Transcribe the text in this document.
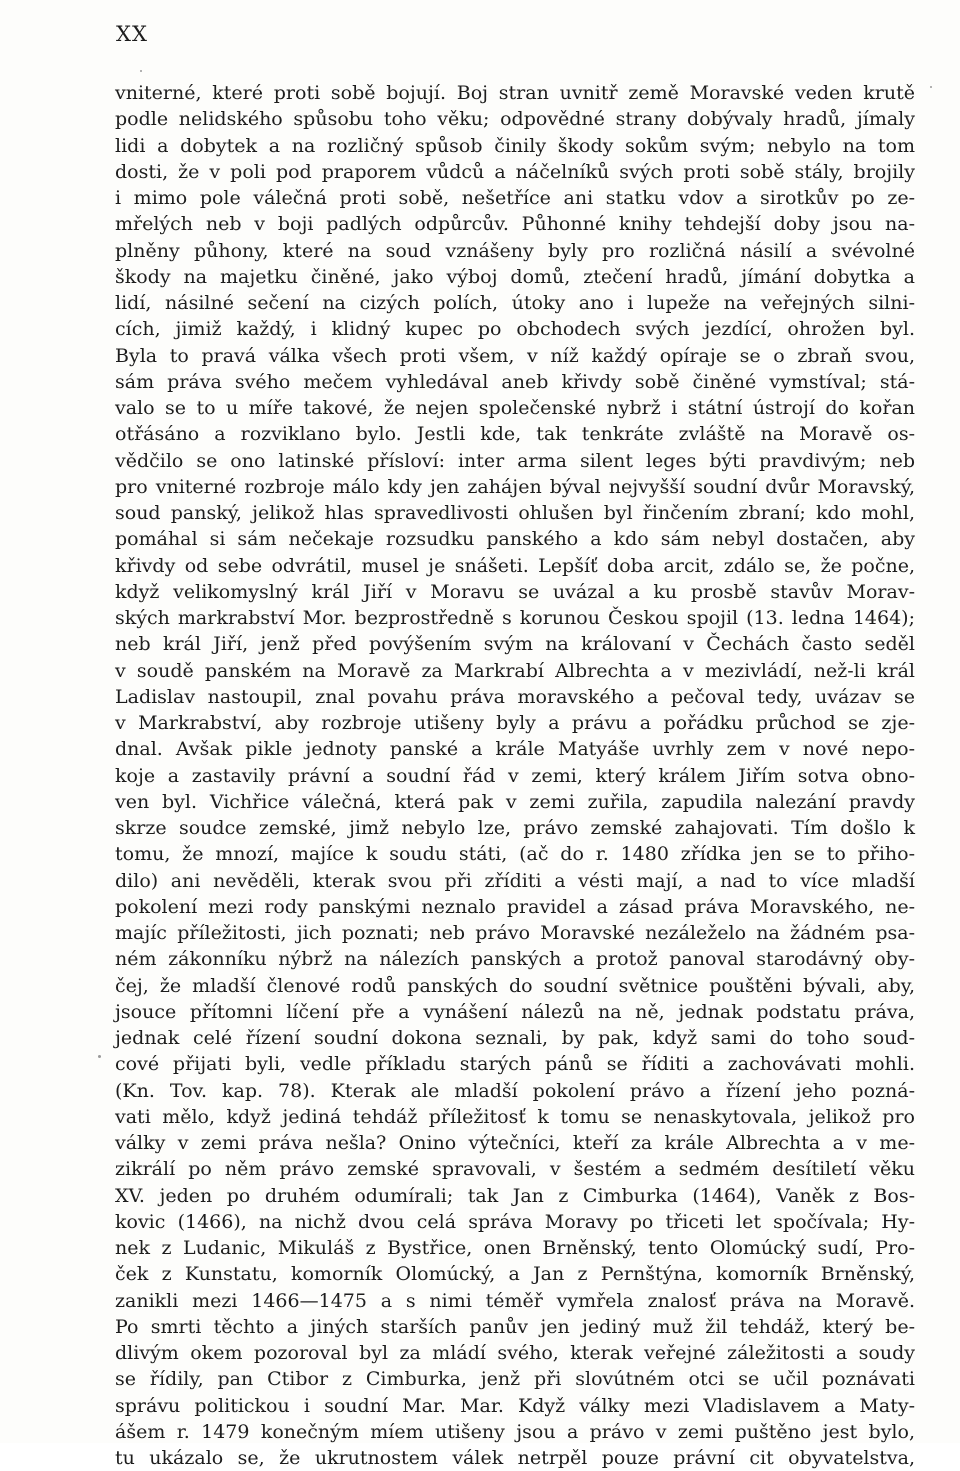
XX
vniterné, které proti sobě bojují. Boj stran uvnitř země Moravské veden krutě
podle nelidského spůsobu toho věku; odpovědné strany dobývaly hradů, jímaly
lidi a dobytek a na rozličný spůsob činily škody sokům svým; nebylo na tom
dosti, že v poli pod praporem vůdců a náčelníků svých proti sobě stály, brojily
i mimo pole válečná proti sobě, nešetříce ani statku vdov a sirotkův po ze-
mřelých neb v boji padlých odpůrcův. Půhonné knihy tehdejší doby jsou na-
plněny půhony, které na soud vznášeny byly pro rozličná násilí a svévolné
škody na majetku činěné, jako výboj domů, ztečení hradů, jímání dobytka a
lidí, násilné sečení na cizých polích, útoky ano i lupeže na veřejných silni-
cích, jimiž každý, i klidný kupec po obchodech svých jezdící, ohrožen byl.
Byla to pravá válka všech proti všem, v níž každý opíraje se o zbraň svou,
sám práva svého mečem vyhledával aneb křivdy sobě činěné vymstíval; stá-
valo se to u míře takové, že nejen společenské nybrž i státní ústrojí do kořan
otřásáno a rozviklano bylo. Jestli kde, tak tenkráte zvláště na Moravě os-
vědčilo se ono latinské přísloví: inter arma silent leges býti pravdivým; neb
pro vniterné rozbroje málo kdy jen zahájen býval nejvyšší soudní dvůr Moravský,
soud panský, jelikož hlas spravedlivosti ohlušen byl řinčením zbraní; kdo mohl,
pomáhal si sám nečekaje rozsudku panského a kdo sám nebyl dostačen, aby
křivdy od sebe odvrátil, musel je snášeti. Lepšíť doba arcit, zdálo se, že počne,
když velikomyslný král Jiří v Moravu se uvázal a ku prosbě stavův Morav-
ských markrabství Mor. bezprostředně s korunou Českou spojil (13. ledna 1464);
neb král Jiří, jenž před povýšením svým na královaní v Čechách často seděl
v soudě panském na Moravě za Markrabí Albrechta a v mezivládí, než-li král
Ladislav nastoupil, znal povahu práva moravského a pečoval tedy, uvázav se
v Markrabství, aby rozbroje utišeny byly a právu a pořádku průchod se zje-
dnal. Avšak pikle jednoty panské a krále Matyáše uvrhly zem v nové nepo-
koje a zastavily právní a soudní řád v zemi, který králem Jiřím sotva obno-
ven byl. Vichřice válečná, která pak v zemi zuřila, zapudila nalezání pravdy
skrze soudce zemské, jimž nebylo lze, právo zemské zahajovati. Tím došlo k
tomu, že mnozí, majíce k soudu státi, (ač do r. 1480 zřídka jen se to přiho-
dilo) ani nevěděli, kterak svou při zříditi a vésti mají, a nad to více mladší
pokolení mezi rody panskými neznalo pravidel a zásad práva Moravského, ne-
majíc příležitosti, jich poznati; neb právo Moravské nezáleželo na žádném psa-
ném zákonníku nýbrž na nálezích panských a protož panoval starodávný oby-
čej, že mladší členové rodů panských do soudní světnice pouštěni bývali, aby,
jsouce přítomni líčení pře a vynášení nálezů na ně, jednak podstatu práva,
jednak celé řízení soudní dokona seznali, by pak, když sami do toho soud-
cové přijati byli, vedle příkladu starých pánů se říditi a zachovávati mohli.
(Kn. Tov. kap. 78). Kterak ale mladší pokolení právo a řízení jeho pozná-
vati mělo, když jediná tehdáž příležitosť k tomu se nenaskytovala, jelikož pro
války v zemi práva nešla? Onino výtečníci, kteří za krále Albrechta a v me-
zikrálí po něm právo zemské spravovali, v šestém a sedmém desítiletí věku
XV. jeden po druhém odumírali; tak Jan z Cimburka (1464), Vaněk z Bos-
kovic (1466), na nichž dvou celá správa Moravy po třiceti let spočívala; Hy-
nek z Ludanic, Mikuláš z Bystřice, onen Brněnský, tento Olomúcký sudí, Pro-
ček z Kunstatu, komorník Olomúcký, a Jan z Pernštýna, komorník Brněnský,
zanikli mezi 1466—1475 a s nimi téměř vymřela znalosť práva na Moravě.
Po smrti těchto a jiných starších panův jen jediný muž žil tehdáž, který be-
dlivým okem pozoroval byl za mládí svého, kterak veřejné záležitosti a soudy
se řídily, pan Ctibor z Cimburka, jenž při slovútném otci se učil poznávati
správu politickou i soudní Mar. Mar. Když války mezi Vladislavem a Maty-
ášem r. 1479 konečným míem utišeny jsou a právo v zemi puštěno jest bylo,
tu ukázalo se, že ukrutnostem válek netrpěl pouze právní cit obyvatelstva,
